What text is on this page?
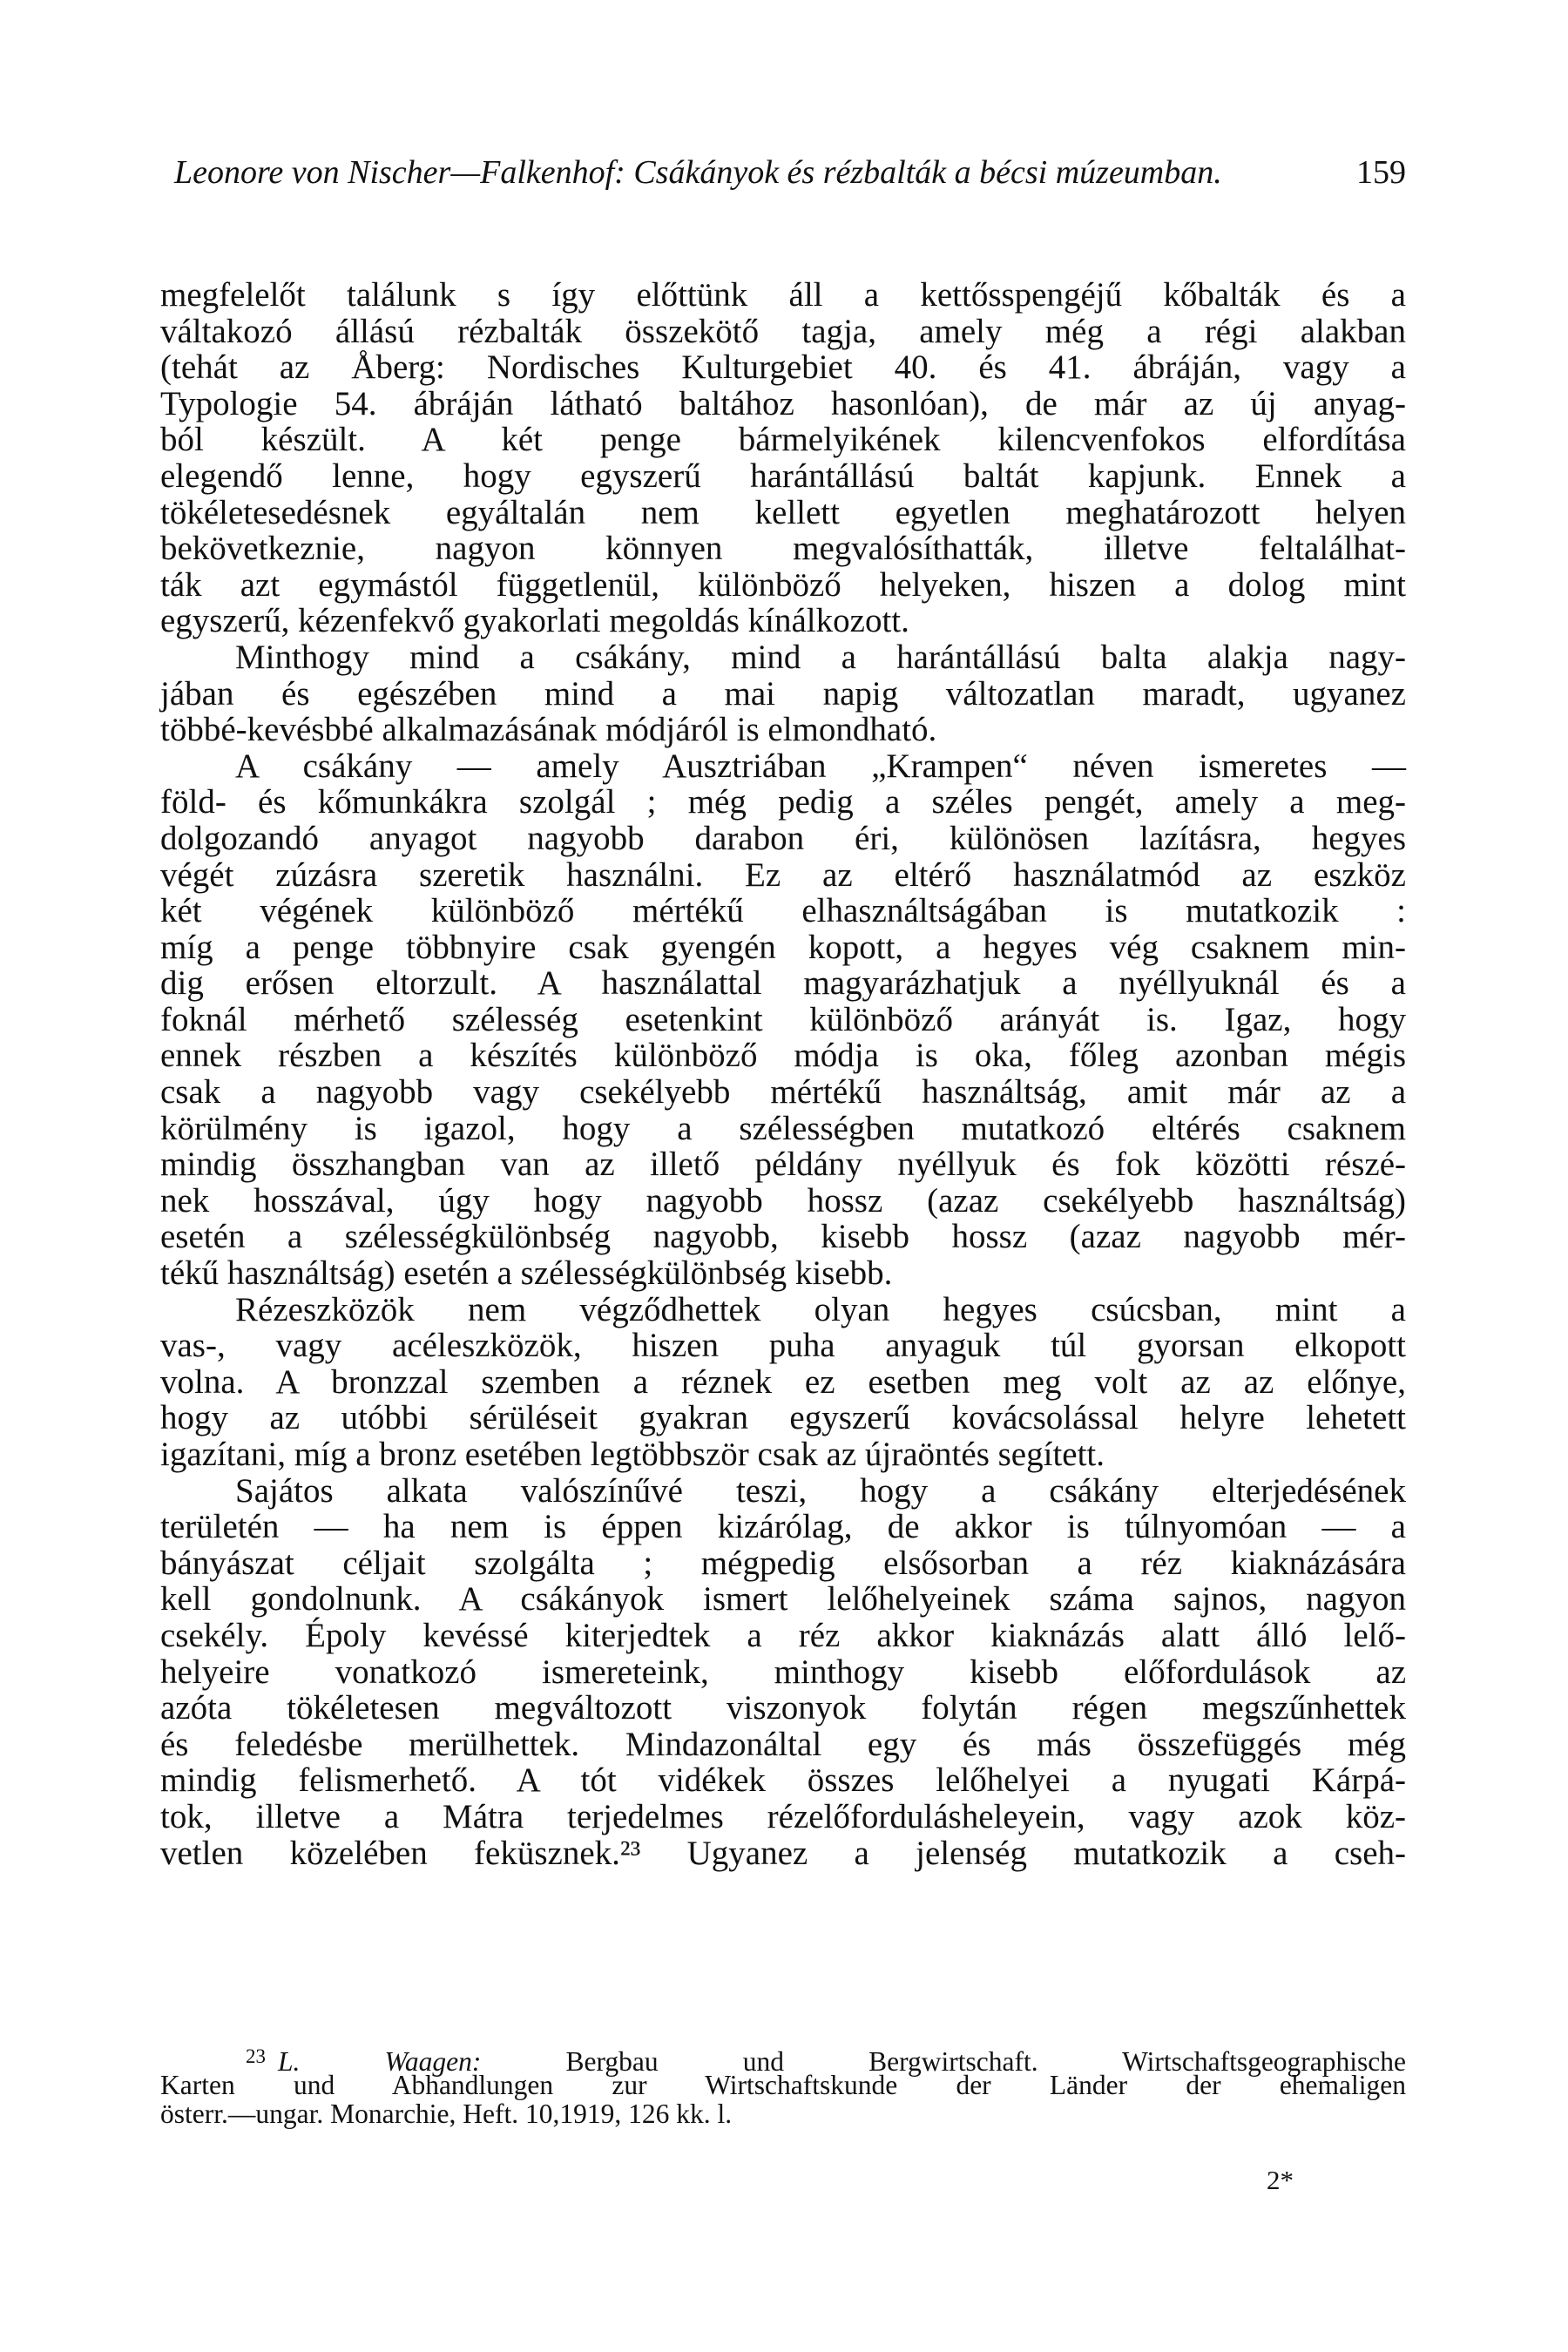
Leonore von Nischer—Falkenhof: Csákányok és rézbalták a bécsi múzeumban.	159
megfelelőt találunk s így előttünk áll a kettősspengéjű kőbalták és a
váltakozó állású rézbalták összekötő tagja, amely még a régi alakban
(tehát az Åberg: Nordisches Kulturgebiet 40. és 41. ábráján, vagy a
Typologie 54. ábráján látható baltához hasonlóan), de már az új anyag-
ból készült. A két penge bármelyikének kilencvenfokos elfordítása
elegendő lenne, hogy egyszerű harántállású baltát kapjunk. Ennek a
tökéletesedésnek egyáltalán nem kellett egyetlen meghatározott helyen
bekövetkeznie, nagyon könnyen megvalósíthatták, illetve feltalálhat-
ták azt egymástól függetlenül, különböző helyeken, hiszen a dolog mint
egyszerű, kézenfekvő gyakorlati megoldás kínálkozott.
Minthogy mind a csákány, mind a harántállású balta alakja nagy-
jában és egészében mind a mai napig változatlan maradt, ugyanez
többé-kevésbbé alkalmazásának módjáról is elmondható.
A csákány — amely Ausztriában „Krampen“ néven ismeretes —
föld- és kőmunkákra szolgál ; még pedig a széles pengét, amely a meg-
dolgozandó anyagot nagyobb darabon éri, különösen lazításra, hegyes
végét zúzásra szeretik használni. Ez az eltérő használatmód az eszköz
két végének különböző mértékű elhasználtságában is mutatkozik :
míg a penge többnyire csak gyengén kopott, a hegyes vég csaknem min-
dig erősen eltorzult. A használattal magyarázhatjuk a nyéllyuknál és a
foknál mérhető szélesség esetenkint különböző arányát is. Igaz, hogy
ennek részben a készítés különböző módja is oka, főleg azonban mégis
csak a nagyobb vagy csekélyebb mértékű használtság, amit már az a
körülmény is igazol, hogy a szélességben mutatkozó eltérés csaknem
mindig összhangban van az illető példány nyéllyuk és fok közötti részé-
nek hosszával, úgy hogy nagyobb hossz (azaz csekélyebb használtság)
esetén a szélességkülönbség nagyobb, kisebb hossz (azaz nagyobb mér-
tékű használtság) esetén a szélességkülönbség kisebb.
Rézeszközök nem végződhettek olyan hegyes csúcsban, mint a
vas-, vagy acéleszközök, hiszen puha anyaguk túl gyorsan elkopott
volna. A bronzzal szemben a réznek ez esetben meg volt az az előnye,
hogy az utóbbi sérüléseit gyakran egyszerű kovácsolással helyre lehetett
igazítani, míg a bronz esetében legtöbbször csak az újraöntés segített.
Sajátos alkata valószínűvé teszi, hogy a csákány elterjedésének
területén — ha nem is éppen kizárólag, de akkor is túlnyomóan — a
bányászat céljait szolgálta ; mégpedig elsősorban a réz kiaknázására
kell gondolnunk. A csákányok ismert lelőhelyeinek száma sajnos, nagyon
csekély. Époly kevéssé kiterjedtek a réz akkor kiaknázás alatt álló lelő-
helyeire vonatkozó ismereteink, minthogy kisebb előfordulások az
azóta tökéletesen megváltozott viszonyok folytán régen megszűnhettek
és feledésbe merülhettek. Mindazonáltal egy és más összefüggés még
mindig felismerhető. A tót vidékek összes lelőhelyei a nyugati Kárpá-
tok, illetve a Mátra terjedelmes rézelőfordulásheleyein, vagy azok köz-
vetlen közelében feküsznek.²³ Ugyanez a jelenség mutatkozik a cseh-
$^{23}$ L. Waagen:	Bergbau und Bergwirtschaft. Wirtschaftsgeographische
Karten und Abhandlungen zur Wirtschaftskunde der Länder der ehemaligen
österr.—ungar. Monarchie, Heft. 10,1919, 126 kk. l.
2*
